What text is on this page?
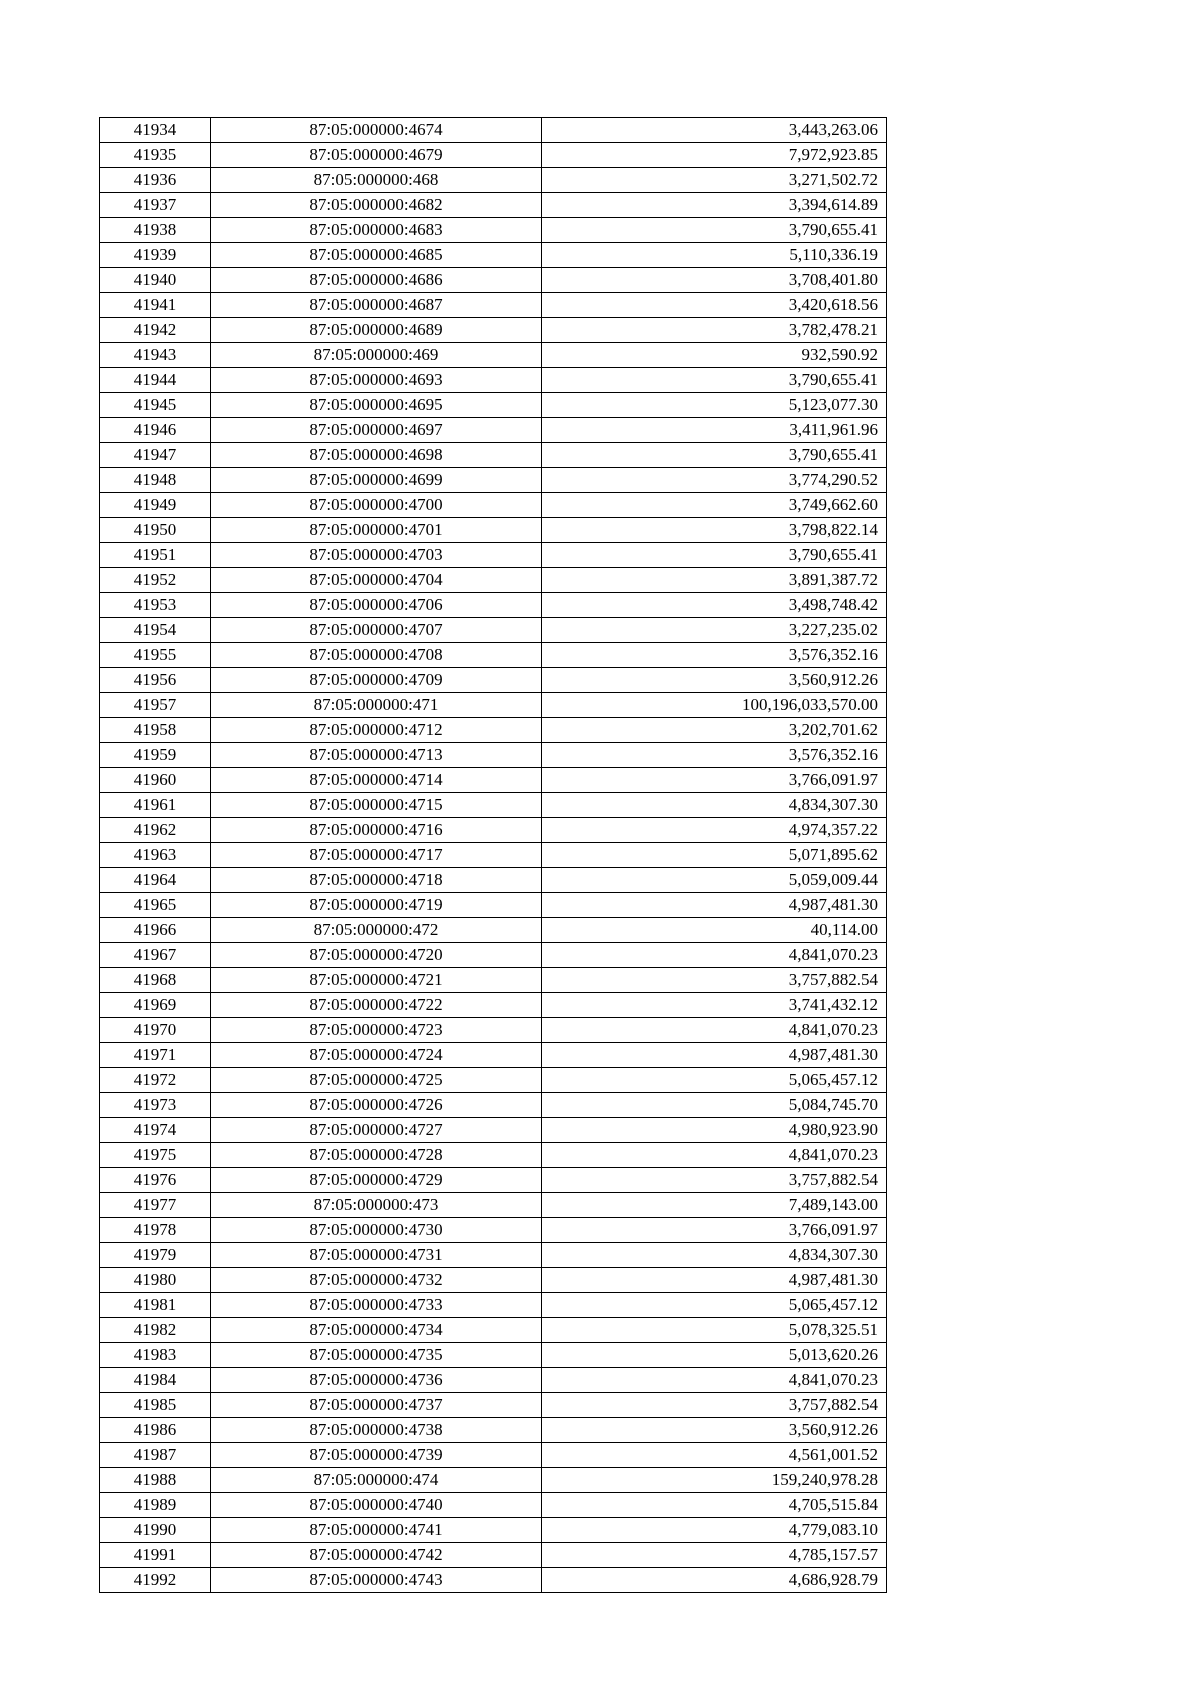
41934	87:05:000000:4674	3,443,263.06
41935	87:05:000000:4679	7,972,923.85
41936	87:05:000000:468	3,271,502.72
41937	87:05:000000:4682	3,394,614.89
41938	87:05:000000:4683	3,790,655.41
41939	87:05:000000:4685	5,110,336.19
41940	87:05:000000:4686	3,708,401.80
41941	87:05:000000:4687	3,420,618.56
41942	87:05:000000:4689	3,782,478.21
41943	87:05:000000:469	932,590.92
41944	87:05:000000:4693	3,790,655.41
41945	87:05:000000:4695	5,123,077.30
41946	87:05:000000:4697	3,411,961.96
41947	87:05:000000:4698	3,790,655.41
41948	87:05:000000:4699	3,774,290.52
41949	87:05:000000:4700	3,749,662.60
41950	87:05:000000:4701	3,798,822.14
41951	87:05:000000:4703	3,790,655.41
41952	87:05:000000:4704	3,891,387.72
41953	87:05:000000:4706	3,498,748.42
41954	87:05:000000:4707	3,227,235.02
41955	87:05:000000:4708	3,576,352.16
41956	87:05:000000:4709	3,560,912.26
41957	87:05:000000:471	100,196,033,570.00
41958	87:05:000000:4712	3,202,701.62
41959	87:05:000000:4713	3,576,352.16
41960	87:05:000000:4714	3,766,091.97
41961	87:05:000000:4715	4,834,307.30
41962	87:05:000000:4716	4,974,357.22
41963	87:05:000000:4717	5,071,895.62
41964	87:05:000000:4718	5,059,009.44
41965	87:05:000000:4719	4,987,481.30
41966	87:05:000000:472	40,114.00
41967	87:05:000000:4720	4,841,070.23
41968	87:05:000000:4721	3,757,882.54
41969	87:05:000000:4722	3,741,432.12
41970	87:05:000000:4723	4,841,070.23
41971	87:05:000000:4724	4,987,481.30
41972	87:05:000000:4725	5,065,457.12
41973	87:05:000000:4726	5,084,745.70
41974	87:05:000000:4727	4,980,923.90
41975	87:05:000000:4728	4,841,070.23
41976	87:05:000000:4729	3,757,882.54
41977	87:05:000000:473	7,489,143.00
41978	87:05:000000:4730	3,766,091.97
41979	87:05:000000:4731	4,834,307.30
41980	87:05:000000:4732	4,987,481.30
41981	87:05:000000:4733	5,065,457.12
41982	87:05:000000:4734	5,078,325.51
41983	87:05:000000:4735	5,013,620.26
41984	87:05:000000:4736	4,841,070.23
41985	87:05:000000:4737	3,757,882.54
41986	87:05:000000:4738	3,560,912.26
41987	87:05:000000:4739	4,561,001.52
41988	87:05:000000:474	159,240,978.28
41989	87:05:000000:4740	4,705,515.84
41990	87:05:000000:4741	4,779,083.10
41991	87:05:000000:4742	4,785,157.57
41992	87:05:000000:4743	4,686,928.79
